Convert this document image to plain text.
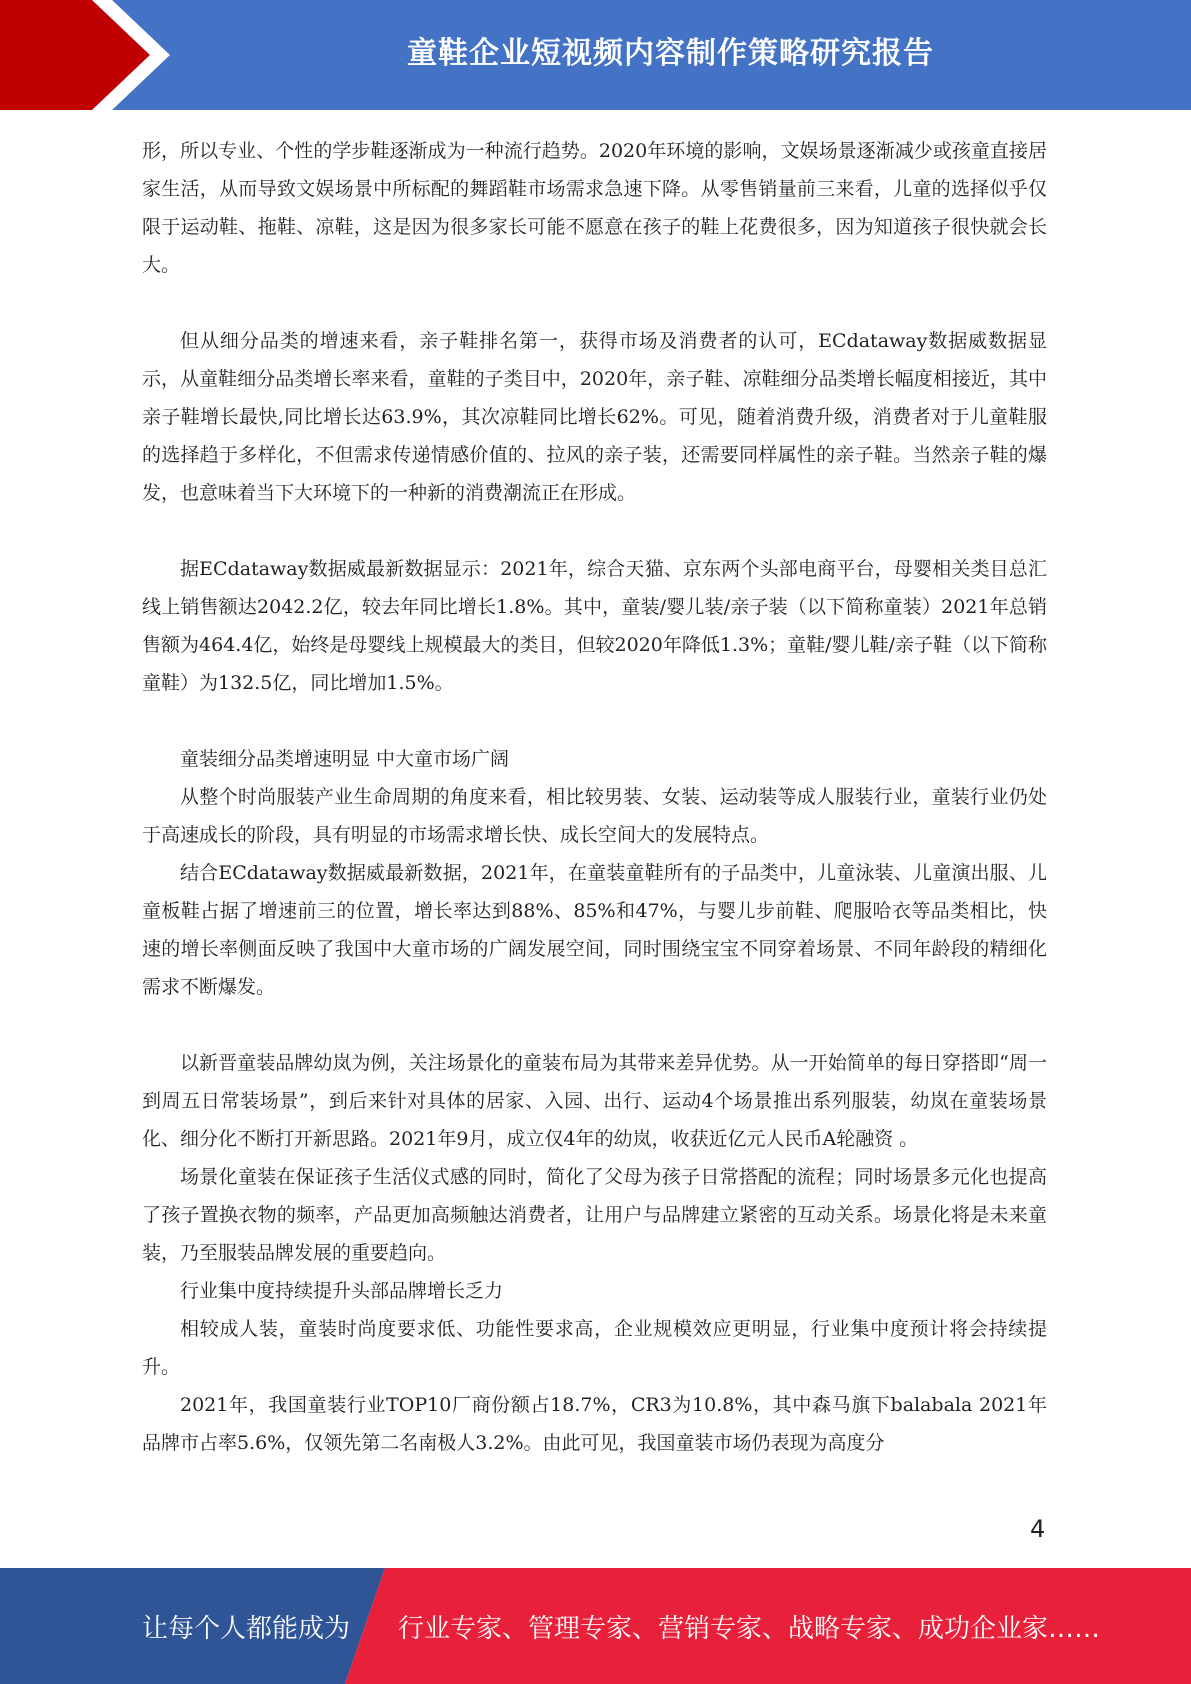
童鞋企业短视频内容制作策略研究报告

形，所以专业、个性的学步鞋逐渐成为一种流行趋势。2020年环境的影响，文娱场景逐渐减少或孩童直接居家生活，从而导致文娱场景中所标配的舞蹈鞋市场需求急速下降。从零售销量前三来看，儿童的选择似乎仅限于运动鞋、拖鞋、凉鞋，这是因为很多家长可能不愿意在孩子的鞋上花费很多，因为知道孩子很快就会长大。

但从细分品类的增速来看，亲子鞋排名第一，获得市场及消费者的认可，ECdataway数据威数据显示，从童鞋细分品类增长率来看，童鞋的子类目中，2020年，亲子鞋、凉鞋细分品类增长幅度相接近，其中亲子鞋增长最快,同比增长达63.9%，其次凉鞋同比增长62%。可见，随着消费升级，消费者对于儿童鞋服的选择趋于多样化，不但需求传递情感价值的、拉风的亲子装，还需要同样属性的亲子鞋。当然亲子鞋的爆发，也意味着当下大环境下的一种新的消费潮流正在形成。

据ECdataway数据威最新数据显示：2021年，综合天猫、京东两个头部电商平台，母婴相关类目总汇线上销售额达2042.2亿，较去年同比增长1.8%。其中，童装/婴儿装/亲子装（以下简称童装）2021年总销售额为464.4亿，始终是母婴线上规模最大的类目，但较2020年降低1.3%；童鞋/婴儿鞋/亲子鞋（以下简称童鞋）为132.5亿，同比增加1.5%。

童装细分品类增速明显 中大童市场广阔

从整个时尚服装产业生命周期的角度来看，相比较男装、女装、运动装等成人服装行业，童装行业仍处于高速成长的阶段，具有明显的市场需求增长快、成长空间大的发展特点。

结合ECdataway数据威最新数据，2021年，在童装童鞋所有的子品类中，儿童泳装、儿童演出服、儿童板鞋占据了增速前三的位置，增长率达到88%、85%和47%，与婴儿步前鞋、爬服哈衣等品类相比，快速的增长率侧面反映了我国中大童市场的广阔发展空间，同时围绕宝宝不同穿着场景、不同年龄段的精细化需求不断爆发。

以新晋童装品牌幼岚为例，关注场景化的童装布局为其带来差异优势。从一开始简单的每日穿搭即“周一到周五日常装场景”，到后来针对具体的居家、入园、出行、运动4个场景推出系列服装，幼岚在童装场景化、细分化不断打开新思路。2021年9月，成立仅4年的幼岚，收获近亿元人民币A轮融资 。

场景化童装在保证孩子生活仪式感的同时，简化了父母为孩子日常搭配的流程；同时场景多元化也提高了孩子置换衣物的频率，产品更加高频触达消费者，让用户与品牌建立紧密的互动关系。场景化将是未来童装，乃至服装品牌发展的重要趋向。

行业集中度持续提升头部品牌增长乏力

相较成人装，童装时尚度要求低、功能性要求高，企业规模效应更明显，行业集中度预计将会持续提升。

2021年，我国童装行业TOP10厂商份额占18.7%，CR3为10.8%，其中森马旗下balabala 2021年品牌市占率5.6%，仅领先第二名南极人3.2%。由此可见，我国童装市场仍表现为高度分

4
让每个人都能成为 行业专家、管理专家、营销专家、战略专家、成功企业家……
